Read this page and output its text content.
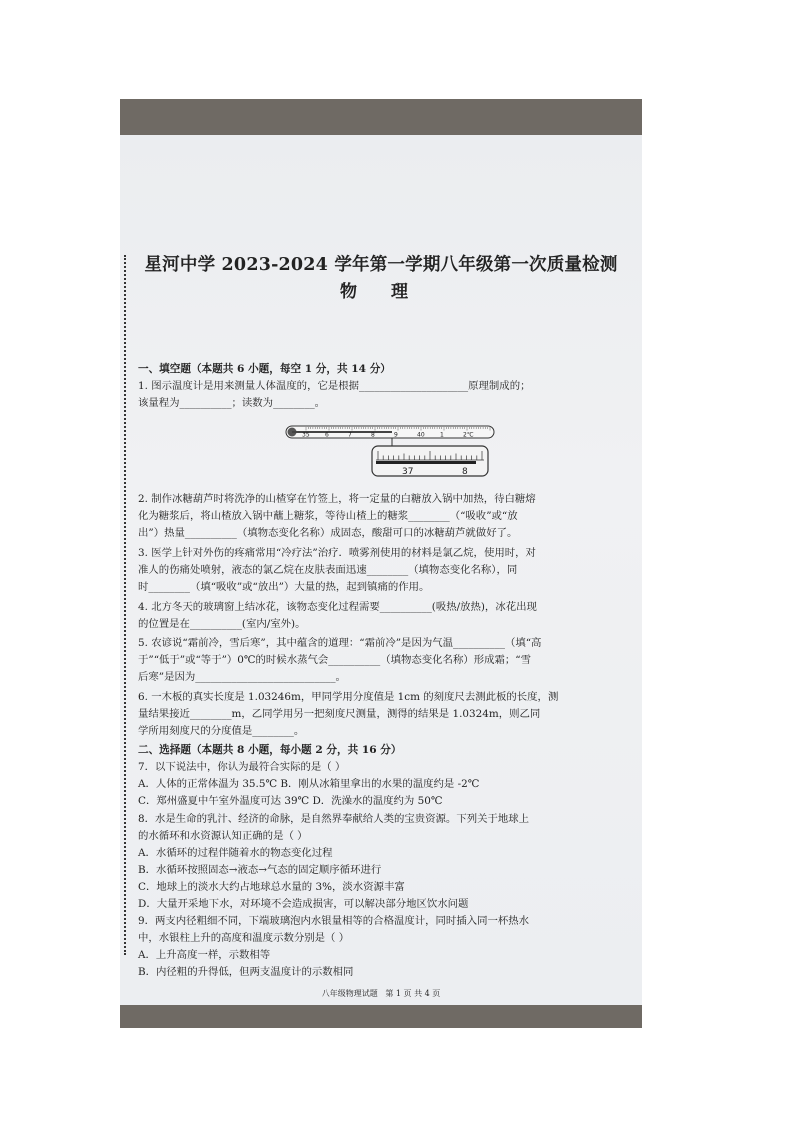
星河中学 2023-2024 学年第一学期八年级第一次质量检测
物 理
一、填空题（本题共 6 小题，每空 1 分，共 14 分）
1. 图示温度计是用来测量人体温度的，它是根据_____________________原理制成的；
该量程为__________；读数为________。
2. 制作冰糖葫芦时将洗净的山楂穿在竹签上，将一定量的白糖放入锅中加热，待白糖熔
化为糖浆后，将山楂放入锅中蘸上糖浆，等待山楂上的糖浆________（“吸收”或“放
出”）热量__________（填物态变化名称）成固态，酸甜可口的冰糖葫芦就做好了。
3. 医学上针对外伤的疼痛常用“冷疗法”治疗．喷雾剂使用的材料是氯乙烷，使用时，对
准人的伤痛处喷射，液态的氯乙烷在皮肤表面迅速________（填物态变化名称），同
时________（填“吸收”或“放出”）大量的热，起到镇痛的作用。
4. 北方冬天的玻璃窗上结冰花，该物态变化过程需要__________(吸热/放热)，冰花出现
的位置是在__________(室内/室外)。
5. 农谚说“霜前冷，雪后寒”，其中蕴含的道理：“霜前冷”是因为气温__________（填“高
于”“低于”或“等于”）0℃的时候水蒸气会__________（填物态变化名称）形成霜；“雪
后寒”是因为___________________________。
6. 一木板的真实长度是 1.03246m，甲同学用分度值是 1cm 的刻度尺去测此板的长度，测
量结果接近________m，乙同学用另一把刻度尺测量，测得的结果是 1.0324m，则乙同
学所用刻度尺的分度值是________。
二、选择题（本题共 8 小题，每小题 2 分，共 16 分）
7．以下说法中，你认为最符合实际的是（ ）
A．人体的正常体温为 35.5℃ B．刚从冰箱里拿出的水果的温度约是 -2℃
C．郑州盛夏中午室外温度可达 39℃ D．洗澡水的温度约为 50℃
8．水是生命的乳汁、经济的命脉，是自然界奉献给人类的宝贵资源。下列关于地球上
的水循环和水资源认知正确的是（ ）
A．水循环的过程伴随着水的物态变化过程
B．水循环按照固态→液态→气态的固定顺序循环进行
C．地球上的淡水大约占地球总水量的 3%，淡水资源丰富
D．大量开采地下水，对环境不会造成损害，可以解决部分地区饮水问题
9．两支内径粗细不同，下端玻璃泡内水银量相等的合格温度计，同时插入同一杯热水
中，水银柱上升的高度和温度示数分别是（ ）
A．上升高度一样，示数相等
B．内径粗的升得低，但两支温度计的示数相同
35	6	7	8	9	40	1	2℃
37	8
八年级物理试题   第 1 页 共 4 页
